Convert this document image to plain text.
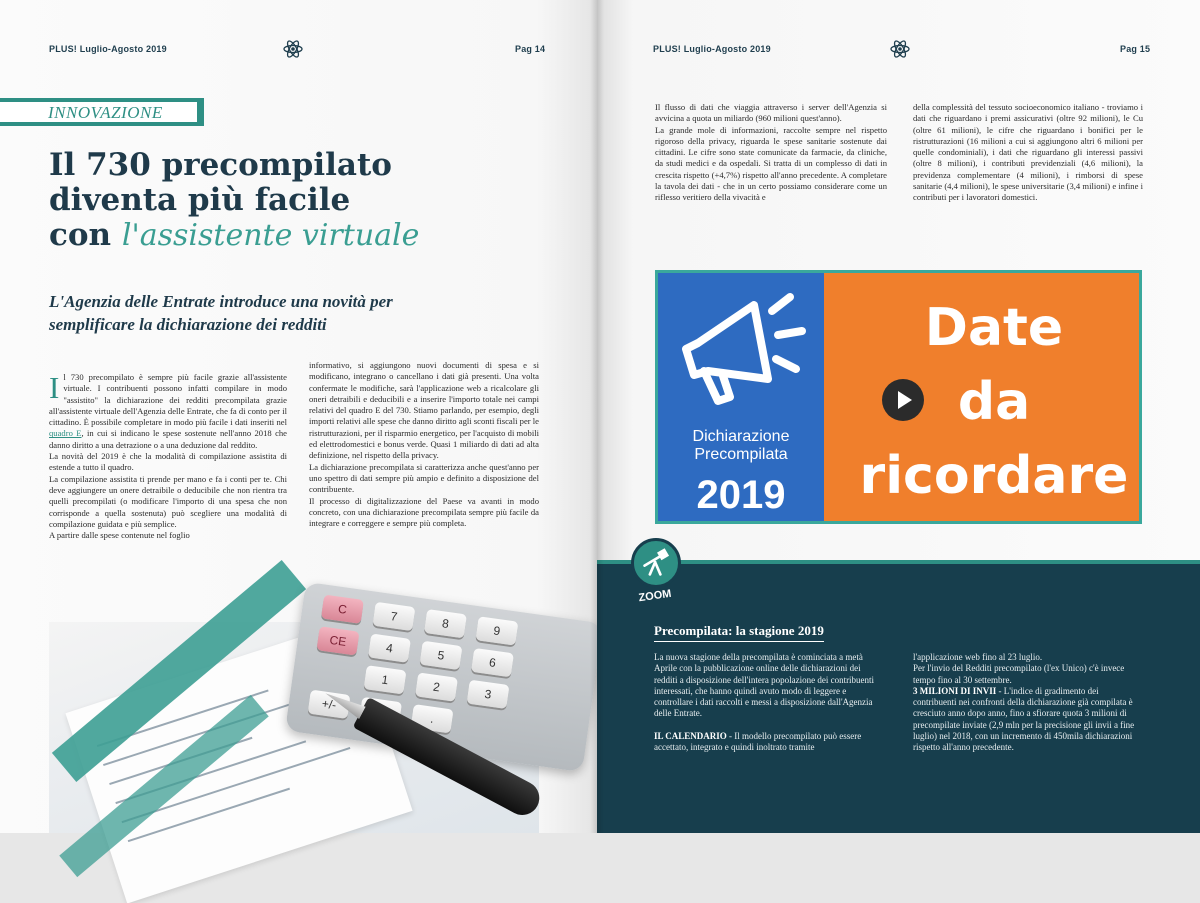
PLUS! Luglio-Agosto 2019	Pag 14
INNOVAZIONE
Il 730 precompilato
diventa più facile
con l'assistente virtuale
L'Agenzia delle Entrate introduce una novità per semplificare la dichiarazione dei redditi

Il 730 precompilato è sempre più facile grazie all'assistente virtuale. I contribuenti possono infatti compilare in modo "assistito" la dichiarazione dei redditi precompilata grazie all'assistente virtuale dell'Agenzia delle Entrate, che fa di conto per il cittadino. È possibile completare in modo più facile i dati inseriti nel quadro E, in cui si indicano le spese sostenute nell'anno 2018 che danno diritto a una detrazione o a una deduzione dal reddito.

La novità del 2019 è che la modalità di compilazione assistita di estende a tutto il quadro.

La compilazione assistita ti prende per mano e fa i conti per te. Chi deve aggiungere un onere detraibile o deducibile che non rientra tra quelli precompilati (o modificare l'importo di una spesa che non corrisponde a quella sostenuta) può scegliere una modalità di compilazione guidata e più semplice.

A partire dalle spese contenute nel foglio

informativo, si aggiungono nuovi documenti di spesa e si modificano, integrano o cancellano i dati già presenti. Una volta confermate le modifiche, sarà l'applicazione web a ricalcolare gli oneri detraibili e deducibili e a inserire l'importo totale nei campi relativi del quadro E del 730. Stiamo parlando, per esempio, degli importi relativi alle spese che danno diritto agli sconti fiscali per le ristrutturazioni, per il risparmio energetico, per l'acquisto di mobili ed elettrodomestici e bonus verde. Quasi 1 miliardo di dati ad alta definizione, nel rispetto della privacy.

La dichiarazione precompilata si caratterizza anche quest'anno per uno spettro di dati sempre più ampio e definito a disposizione del contribuente.

Il processo di digitalizzazione del Paese va avanti in modo concreto, con una dichiarazione precompilata sempre più facile da integrare e correggere e sempre più completa.

C	7	8	9
CE	4	5	6
1	2	3
+/-
.
PLUS! Luglio-Agosto 2019	Pag 15

Il flusso di dati che viaggia attraverso i server dell'Agenzia si avvicina a quota un miliardo (960 milioni quest'anno).

La grande mole di informazioni, raccolte sempre nel rispetto rigoroso della privacy, riguarda le spese sanitarie sostenute dai cittadini. Le cifre sono state comunicate da farmacie, da cliniche, da studi medici e da ospedali. Si tratta di un complesso di dati in crescita rispetto (+4,7%) rispetto all'anno precedente. A completare la tavola dei dati - che in un certo possiamo considerare come un riflesso veritiero della vivacità e

della complessità del tessuto socioeconomico italiano - troviamo i dati che riguardano i premi assicurativi (oltre 92 milioni), le Cu (oltre 61 milioni), le cifre che riguardano i bonifici per le ristrutturazioni (16 milioni a cui si aggiungono altri 6 milioni per quelle condominiali), i dati che riguardano gli interessi passivi (oltre 8 milioni), i contributi previdenziali (4,6 milioni), la previdenza complementare (4 milioni), i rimborsi di spese sanitarie (4,4 milioni), le spese universitarie (3,4 milioni) e infine i contributi per i lavoratori domestici.

Dichiarazione
Precompilata
2019
Date
da
ricordare
ZOOM
Precompilata: la stagione 2019

La nuova stagione della precompilata è cominciata a metà Aprile con la pubblicazione online delle dichiarazioni dei redditi a disposizione dell'intera popolazione dei contribuenti interessati, che hanno quindi avuto modo di leggere e controllare i dati raccolti e messi a disposizione dall'Agenzia delle Entrate.

IL CALENDARIO - Il modello precompilato può essere accettato, integrato e quindi inoltrato tramite

l'applicazione web fino al 23 luglio.

Per l'invio del Redditi precompilato (l'ex Unico) c'è invece tempo fino al 30 settembre.

3 MILIONI DI INVII - L'indice di gradimento dei contribuenti nei confronti della dichiarazione già compilata è cresciuto anno dopo anno, fino a sfiorare quota 3 milioni di precompilate inviate (2,9 mln per la precisione gli invii a fine luglio) nel 2018, con un incremento di 450mila dichiarazioni rispetto all'anno precedente.
